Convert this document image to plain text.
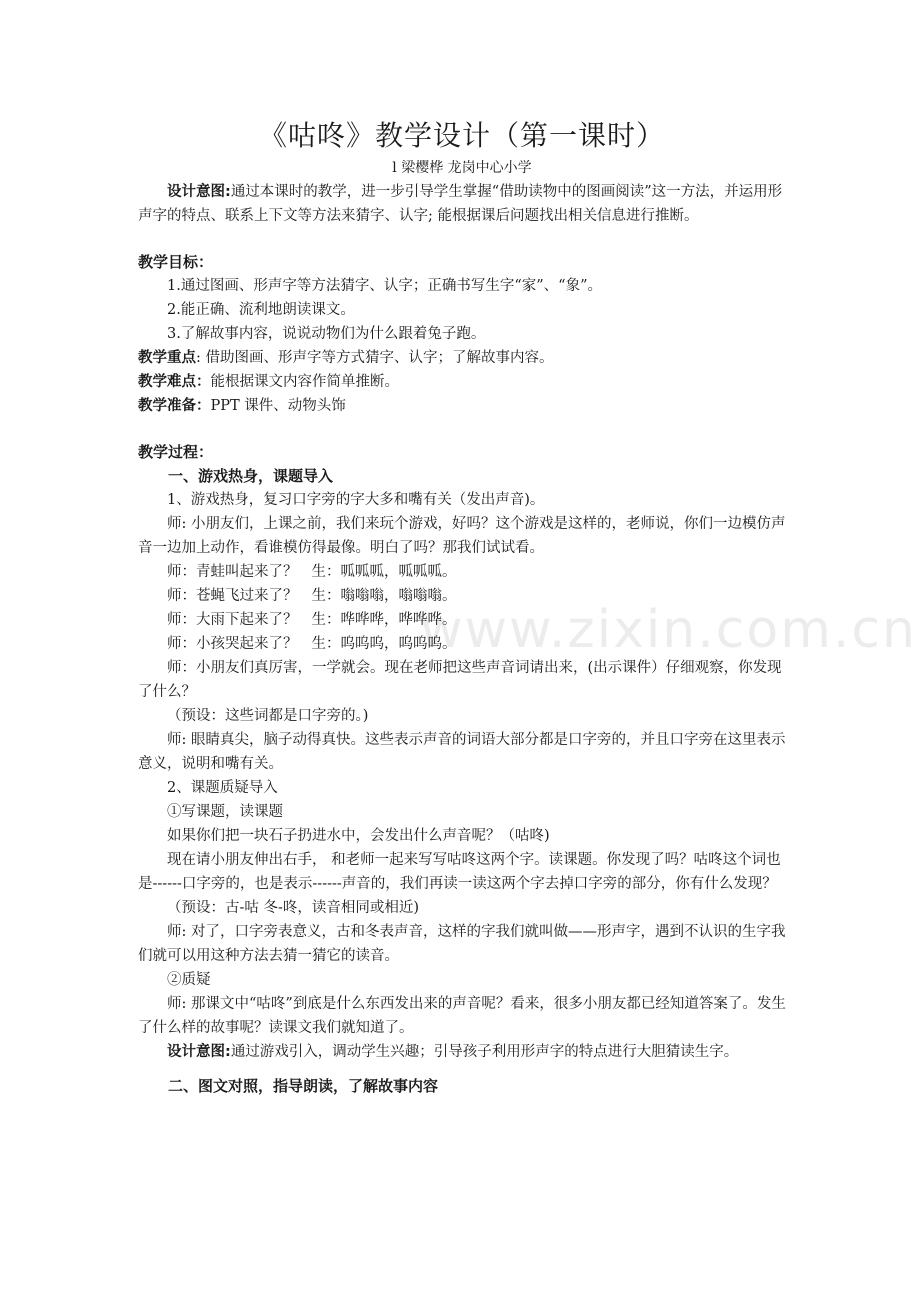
www.zixin.com.cn
《咕咚》教学设计（第一课时）
l 梁樱桦 龙岗中心小学

设计意图:通过本课时的教学，进一步引导学生掌握“借助读物中的图画阅读”这一方法，并运用形声字的特点、联系上下文等方法来猜字、认字; 能根据课后问题找出相关信息进行推断。

教学目标：
1.通过图画、形声字等方法猜字、认字；正确书写生字“家”、“象”。
2.能正确、流利地朗读课文。
3.了解故事内容，说说动物们为什么跟着兔子跑。
教学重点: 借助图画、形声字等方式猜字、认字；了解故事内容。
教学难点：能根据课文内容作简单推断。
教学准备：PPT 课件、动物头饰
教学过程：
一、游戏热身，课题导入
1、游戏热身，复习口字旁的字大多和嘴有关（发出声音)。

师: 小朋友们，上课之前，我们来玩个游戏，好吗？这个游戏是这样的，老师说，你们一边模仿声音一边加上动作，看谁模仿得最像。明白了吗？那我们试试看。

师：青蛙叫起来了？ 生：呱呱呱，呱呱呱。
师：苍蝇飞过来了？ 生：嗡嗡嗡，嗡嗡嗡。
师：大雨下起来了？ 生：哗哗哗，哗哗哗。
师：小孩哭起来了？ 生：呜呜呜，呜呜呜。

师：小朋友们真厉害，一学就会。现在老师把这些声音词请出来，(出示课件）仔细观察，你发现了什么？

（预设：这些词都是口字旁的。)

师: 眼睛真尖，脑子动得真快。这些表示声音的词语大部分都是口字旁的，并且口字旁在这里表示意义，说明和嘴有关。

2、课题质疑导入
①写课题，读课题

如果你们把一块石子扔进水中，会发出什么声音呢？（咕咚)

现在请小朋友伸出右手， 和老师一起来写写咕咚这两个字。读课题。你发现了吗？咕咚这个词也是------口字旁的，也是表示------声音的，我们再读一读这两个字去掉口字旁的部分，你有什么发现？

（预设：古-咕 冬-咚，读音相同或相近)

师: 对了，口字旁表意义，古和冬表声音，这样的字我们就叫做——形声字，遇到不认识的生字我们就可以用这种方法去猜一猜它的读音。

②质疑

师: 那课文中“咕咚”到底是什么东西发出来的声音呢？看来，很多小朋友都已经知道答案了。发生了什么样的故事呢？读课文我们就知道了。

设计意图:通过游戏引入，调动学生兴趣；引导孩子利用形声字的特点进行大胆猜读生字。

二、图文对照，指导朗读，了解故事内容
